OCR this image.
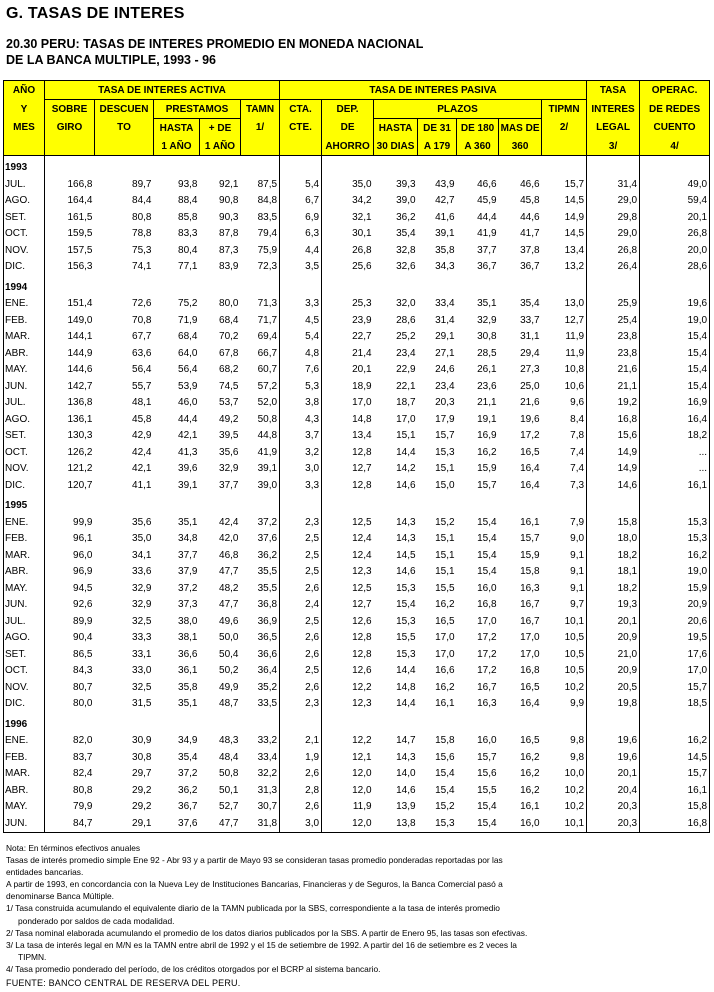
G. TASAS DE INTERES
20.30 PERU: TASAS DE INTERES PROMEDIO EN MONEDA NACIONAL
DE LA BANCA MULTIPLE, 1993 - 96
AÑO	TASA DE INTERES ACTIVA					TASA DE INTERES PASIVA							TASA	OPERAC.
Y	SOBRE	DESCUEN	PRESTAMOS		TAMN	CTA.	DEP.	PLAZOS				TIPMN	INTERES	DE REDES
MES	GIRO	TO	HASTA	+ DE	1/	CTE.	DE	HASTA	DE 31	DE 180	MAS DE	2/	LEGAL	CUENTO
			1 AÑO	1 AÑO			AHORRO	30 DIAS	A 179	A 360	360		3/	4/
1993														
JUL.	166,8	89,7	93,8	92,1	87,5	5,4	35,0	39,3	43,9	46,6	46,6	15,7	31,4	49,0
AGO.	164,4	84,4	88,4	90,8	84,8	6,7	34,2	39,0	42,7	45,9	45,8	14,5	29,0	59,4
SET.	161,5	80,8	85,8	90,3	83,5	6,9	32,1	36,2	41,6	44,4	44,6	14,9	29,8	20,1
OCT.	159,5	78,8	83,3	87,8	79,4	6,3	30,1	35,4	39,1	41,9	41,7	14,5	29,0	26,8
NOV.	157,5	75,3	80,4	87,3	75,9	4,4	26,8	32,8	35,8	37,7	37,8	13,4	26,8	20,0
DIC.	156,3	74,1	77,1	83,9	72,3	3,5	25,6	32,6	34,3	36,7	36,7	13,2	26,4	28,6
1994														
ENE.	151,4	72,6	75,2	80,0	71,3	3,3	25,3	32,0	33,4	35,1	35,4	13,0	25,9	19,6
FEB.	149,0	70,8	71,9	68,4	71,7	4,5	23,9	28,6	31,4	32,9	33,7	12,7	25,4	19,0
MAR.	144,1	67,7	68,4	70,2	69,4	5,4	22,7	25,2	29,1	30,8	31,1	11,9	23,8	15,4
ABR.	144,9	63,6	64,0	67,8	66,7	4,8	21,4	23,4	27,1	28,5	29,4	11,9	23,8	15,4
MAY.	144,6	56,4	56,4	68,2	60,7	7,6	20,1	22,9	24,6	26,1	27,3	10,8	21,6	15,4
JUN.	142,7	55,7	53,9	74,5	57,2	5,3	18,9	22,1	23,4	23,6	25,0	10,6	21,1	15,4
JUL.	136,8	48,1	46,0	53,7	52,0	3,8	17,0	18,7	20,3	21,1	21,6	9,6	19,2	16,9
AGO.	136,1	45,8	44,4	49,2	50,8	4,3	14,8	17,0	17,9	19,1	19,6	8,4	16,8	16,4
SET.	130,3	42,9	42,1	39,5	44,8	3,7	13,4	15,1	15,7	16,9	17,2	7,8	15,6	18,2
OCT.	126,2	42,4	41,3	35,6	41,9	3,2	12,8	14,4	15,3	16,2	16,5	7,4	14,9	...
NOV.	121,2	42,1	39,6	32,9	39,1	3,0	12,7	14,2	15,1	15,9	16,4	7,4	14,9	...
DIC.	120,7	41,1	39,1	37,7	39,0	3,3	12,8	14,6	15,0	15,7	16,4	7,3	14,6	16,1
1995														
ENE.	99,9	35,6	35,1	42,4	37,2	2,3	12,5	14,3	15,2	15,4	16,1	7,9	15,8	15,3
FEB.	96,1	35,0	34,8	42,0	37,6	2,5	12,4	14,3	15,1	15,4	15,7	9,0	18,0	15,3
MAR.	96,0	34,1	37,7	46,8	36,2	2,5	12,4	14,5	15,1	15,4	15,9	9,1	18,2	16,2
ABR.	96,9	33,6	37,9	47,7	35,5	2,5	12,3	14,6	15,1	15,4	15,8	9,1	18,1	19,0
MAY.	94,5	32,9	37,2	48,2	35,5	2,6	12,5	15,3	15,5	16,0	16,3	9,1	18,2	15,9
JUN.	92,6	32,9	37,3	47,7	36,8	2,4	12,7	15,4	16,2	16,8	16,7	9,7	19,3	20,9
JUL.	89,9	32,5	38,0	49,6	36,9	2,5	12,6	15,3	16,5	17,0	16,7	10,1	20,1	20,6
AGO.	90,4	33,3	38,1	50,0	36,5	2,6	12,8	15,5	17,0	17,2	17,0	10,5	20,9	19,5
SET.	86,5	33,1	36,6	50,4	36,6	2,6	12,8	15,3	17,0	17,2	17,0	10,5	21,0	17,6
OCT.	84,3	33,0	36,1	50,2	36,4	2,5	12,6	14,4	16,6	17,2	16,8	10,5	20,9	17,0
NOV.	80,7	32,5	35,8	49,9	35,2	2,6	12,2	14,8	16,2	16,7	16,5	10,2	20,5	15,7
DIC.	80,0	31,5	35,1	48,7	33,5	2,3	12,3	14,4	16,1	16,3	16,4	9,9	19,8	18,5
1996														
ENE.	82,0	30,9	34,9	48,3	33,2	2,1	12,2	14,7	15,8	16,0	16,5	9,8	19,6	16,2
FEB.	83,7	30,8	35,4	48,4	33,4	1,9	12,1	14,3	15,6	15,7	16,2	9,8	19,6	14,5
MAR.	82,4	29,7	37,2	50,8	32,2	2,6	12,0	14,0	15,4	15,6	16,2	10,0	20,1	15,7
ABR.	80,8	29,2	36,2	50,1	31,3	2,8	12,0	14,6	15,4	15,5	16,2	10,2	20,4	16,1
MAY.	79,9	29,2	36,7	52,7	30,7	2,6	11,9	13,9	15,2	15,4	16,1	10,2	20,3	15,8
JUN.	84,7	29,1	37,6	47,7	31,8	3,0	12,0	13,8	15,3	15,4	16,0	10,1	20,3	16,8
Nota: En términos efectivos anuales
Tasas de interés promedio simple Ene 92 - Abr 93 y a partir de Mayo 93 se consideran tasas promedio ponderadas reportadas por las
entidades bancarias.
A partir de 1993, en concordancia con la Nueva Ley de Instituciones Bancarias, Financieras y de Seguros, la Banca Comercial pasó a
denominarse Banca Múltiple.
1/ Tasa construida acumulando el equivalente diario de la TAMN publicada por la SBS, correspondiente a la tasa de interés promedio
ponderado por saldos de cada modalidad.
2/ Tasa nominal elaborada acumulando el promedio de los datos diarios publicados por la SBS. A partir de Enero 95, las tasas son efectivas.
3/ La tasa de interés legal en M/N es la TAMN entre abril de 1992 y el 15 de setiembre de 1992. A partir del 16 de setiembre es 2 veces la
TIPMN.
4/ Tasa promedio ponderado del período, de los créditos otorgados por el BCRP al sistema bancario.
FUENTE: BANCO CENTRAL DE RESERVA DEL PERU.
